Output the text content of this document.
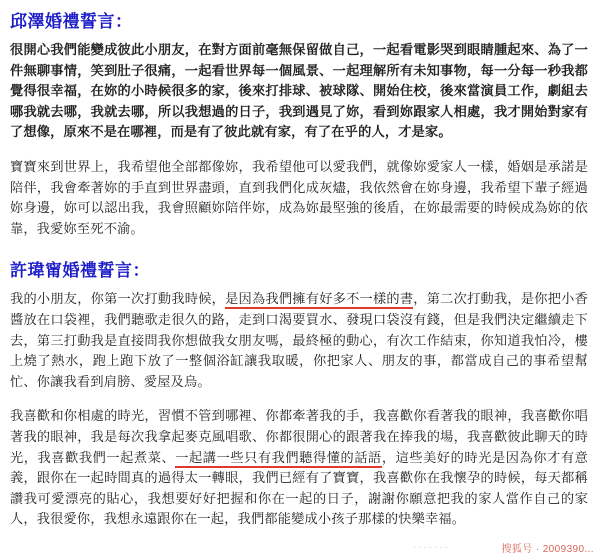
邱澤婚禮誓言：

很開心我們能變成彼此小朋友，在對方面前毫無保留做自己，一起看電影哭到眼睛腫起來、為了一件無聊事情，笑到肚子很痛，一起看世界每一個風景、一起理解所有未知事物，每一分每一秒我都覺得很幸福，在妳的小時候很多的家，後來打排球、被球隊、開始住校，後來當演員工作，劇組去哪我就去哪，我就去哪，所以我想過的日子，我到遇見了妳，看到妳跟家人相處，我才開始對家有了想像，原來不是在哪裡，而是有了彼此就有家，有了在乎的人，才是家。

寶寶來到世界上，我希望他全部都像妳，我希望他可以愛我們，就像妳愛家人一樣，婚姻是承諾是陪伴，我會牽著妳的手直到世界盡頭，直到我們化成灰燼，我依然會在妳身邊，我希望下輩子經過妳身邊，妳可以認出我，我會照顧妳陪伴妳，成為妳最堅強的後盾，在妳最需要的時候成為妳的依靠，我愛妳至死不渝。

許瑋甯婚禮誓言：

我的小朋友，你第一次打動我時候，是因為我們擁有好多不一樣的書，第二次打動我，是你把小香醬放在口袋裡，我們聽歌走很久的路，走到口渴要買水、發現口袋沒有錢，但是我們決定繼續走下去，第三打動我是直接問我你想做我女朋友嗎，最終極的動心，有次工作結束，你知道我怕冷，樓上燒了熱水，跑上跑下放了一整個浴缸讓我取暖，你把家人、朋友的事，都當成自己的事希望幫忙、你讓我看到肩膀、愛屋及烏。

我喜歡和你相處的時光，習慣不管到哪裡、你都牽著我的手，我喜歡你看著我的眼神，我喜歡你唱著我的眼神，我是每次我拿起麥克風唱歌、你都很開心的跟著我在捧我的場，我喜歡彼此聊天的時光，我喜歡我們一起煮菜、一起講一些只有我們聽得懂的話語，這些美好的時光是因為你才有意義，跟你在一起時間真的過得太一轉眼，我們已經有了寶寶，我喜歡你在我懷孕的時候，每天都稱讚我可愛漂亮的貼心，我想要好好把握和你在一起的日子，謝謝你願意把我的家人當作自己的家人，我很愛你，我想永遠跟你在一起，我們都能變成小孩子那樣的快樂幸福。

·······	搜狐号 · 2009390...
